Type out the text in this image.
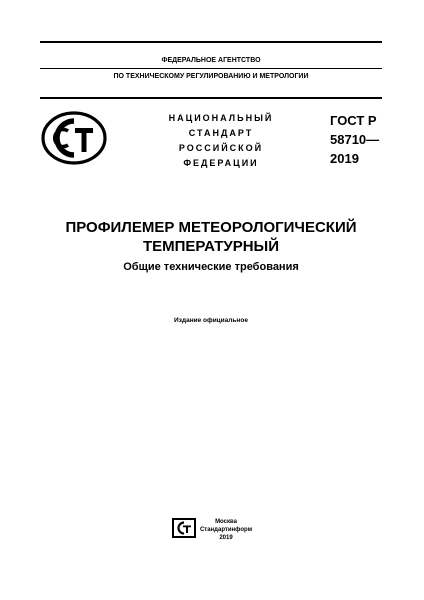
ФЕДЕРАЛЬНОЕ АГЕНТСТВО
ПО ТЕХНИЧЕСКОМУ РЕГУЛИРОВАНИЮ И МЕТРОЛОГИИ
НАЦИОНАЛЬНЫЙ
СТАНДАРТ
РОССИЙСКОЙ
ФЕДЕРАЦИИ
ГОСТ Р
58710—
2019
ПРОФИЛЕМЕР МЕТЕОРОЛОГИЧЕСКИЙ
ТЕМПЕРАТУРНЫЙ
Общие технические требования
Издание официальное
Москва
Стандартинформ
2019
